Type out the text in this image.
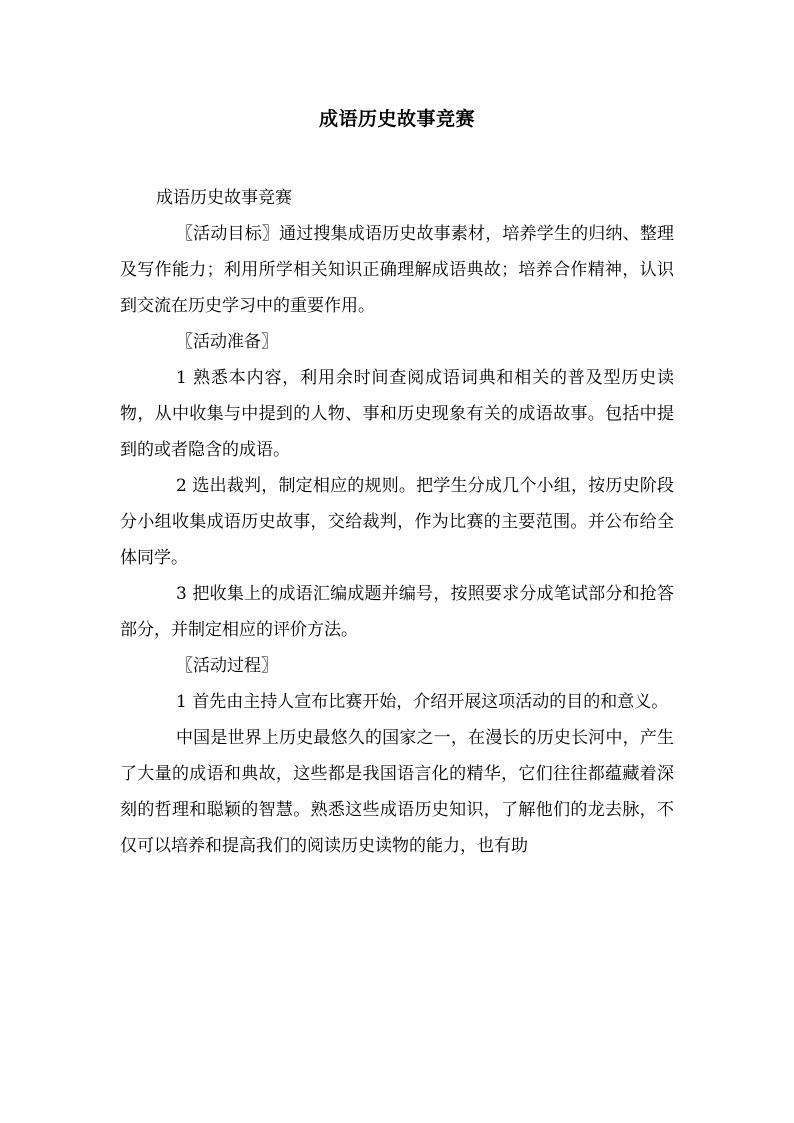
成语历史故事竞赛

成语历史故事竞赛

〖活动目标〗通过搜集成语历史故事素材，培养学生的归纳、整理及写作能力；利用所学相关知识正确理解成语典故；培养合作精神，认识到交流在历史学习中的重要作用。

〖活动准备〗

1 熟悉本内容，利用余时间查阅成语词典和相关的普及型历史读物，从中收集与中提到的人物、事和历史现象有关的成语故事。包括中提到的或者隐含的成语。

2 选出裁判，制定相应的规则。把学生分成几个小组，按历史阶段分小组收集成语历史故事，交给裁判，作为比赛的主要范围。并公布给全体同学。

3 把收集上的成语汇编成题并编号，按照要求分成笔试部分和抢答部分，并制定相应的评价方法。

〖活动过程〗

1 首先由主持人宣布比赛开始，介绍开展这项活动的目的和意义。

中国是世界上历史最悠久的国家之一，在漫长的历史长河中，产生了大量的成语和典故，这些都是我国语言化的精华，它们往往都蕴藏着深刻的哲理和聪颖的智慧。熟悉这些成语历史知识，了解他们的龙去脉，不仅可以培养和提高我们的阅读历史读物的能力，也有助
